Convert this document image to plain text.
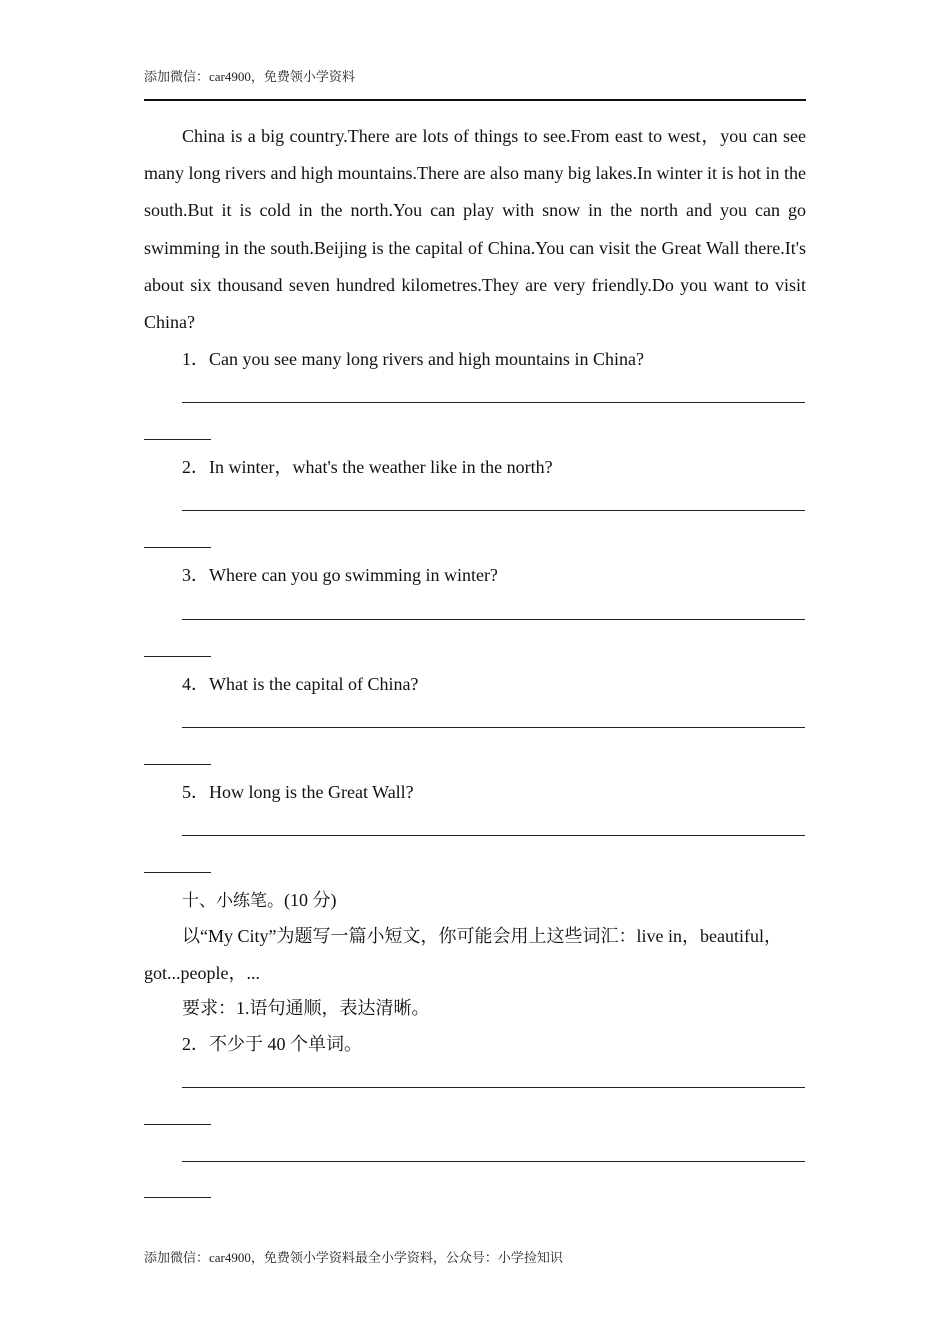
添加微信：car4900，免费领小学资料

China is a big country.There are lots of things to see.From east to west，you can see many long rivers and high mountains.There are also many big lakes.In winter it is hot in the south.But it is cold in the north.You can play with snow in the north and you can go swimming in the south.Beijing is the capital of China.You can visit the Great Wall there.It's about six thousand seven hundred kilometres.They are very friendly.Do you want to visit China?

1．Can you see many long rivers and high mountains in China?
2．In winter，what's the weather like in the north?
3．Where can you go swimming in winter?
4．What is the capital of China?
5．How long is the Great Wall?
十、小练笔。(10 分)
以“My City”为题写一篇小短文，你可能会用上这些词汇：live in，beautiful，
got...people，...
要求：1.语句通顺，表达清晰。
2．不少于 40 个单词。
添加微信：car4900，免费领小学资料最全小学资料，公众号：小学捡知识
